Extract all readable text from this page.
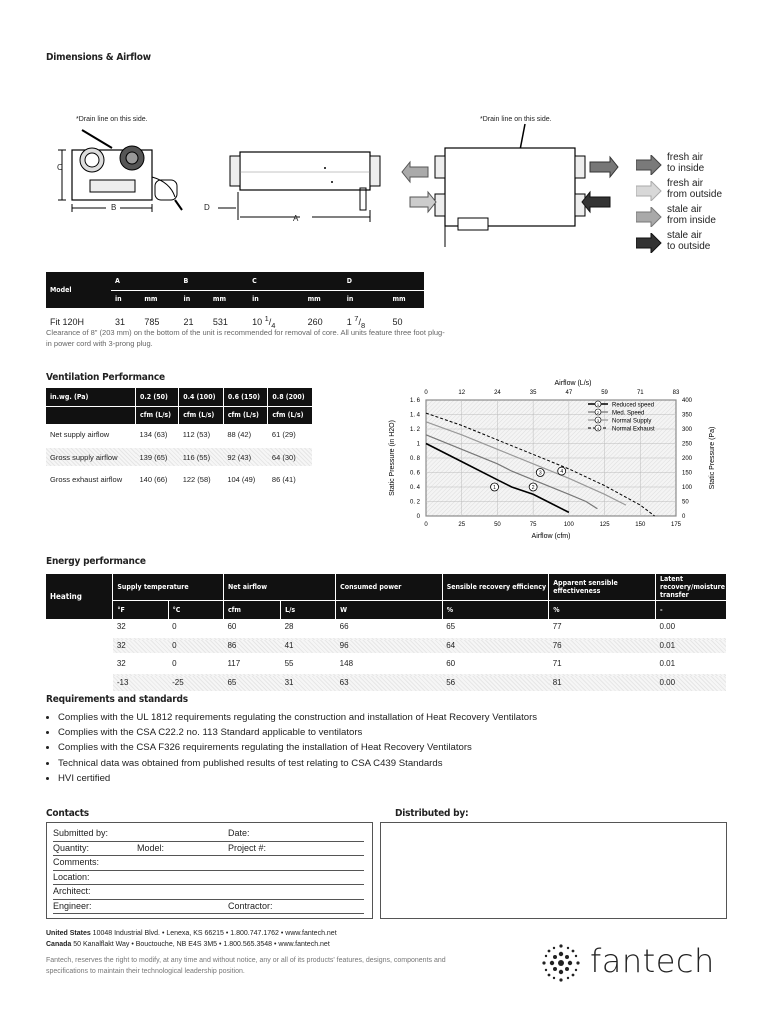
Dimensions & Airflow
*Drain line on this side.	*Drain line on this side.
C
B	D
A
fresh air
to inside
fresh air
from outside
stale air
from inside
stale air
to outside
Model	A		B		C		D	
	in	mm	in	mm	in	mm	in	mm
Fit 120H	31	785	21	531	10 $^1/_4$	260	1 $^7/_8$	50
Clearance of 8" (203 mm) on the bottom of the unit is recommended for removal of core. All units feature three foot plug-in power cord with 3-prong plug.
Ventilation Performance
in.wg. (Pa)	0.2 (50)	0.4 (100)	0.6 (150)	0.8 (200)
	cfm (L/s)	cfm (L/s)	cfm (L/s)	cfm (L/s)
Net supply airflow	134 (63)	112 (53)	88 (42)	61 (29)

Gross supply airflow	139 (65)	116 (55)	92 (43)	64 (30)

Gross exhaust airflow	140 (66)	122 (58)	104 (49)	86 (41)
0	0
0. 2	50
0. 4	100
0. 6	150
0. 8	200
1	250
1. 2	300
1. 4	350
1. 6	400
0
0
25
12
50
24
75
35
100
47
125
59
150
71
175
83
Airflow (cfm)
Airflow (L/s)
Static Pressure (in H2O)	Static Pressure (Pa)
1	2
3	4
1 Reduced speed
2 Med. Speed
3 Normal Supply
4 Normal Exhaust
Energy performance
Heating	Supply temperature		Net airflow		Consumed power	Sensible recovery efficiency	Apparent sensible effectiveness	Latent recovery/moisture transfer
	°F	°C	cfm	L/s	W	%	%	-
	32	0	60	28	66	65	77	0.00
	32	0	86	41	96	64	76	0.01
	32	0	117	55	148	60	71	0.01
	-13	-25	65	31	63	56	81	0.00
Requirements and standards
• Complies with the UL 1812 requirements regulating the construction and installation of Heat Recovery Ventilators
• Complies with the CSA C22.2 no. 113 Standard applicable to ventilators
• Complies with the CSA F326 requirements regulating the installation of Heat Recovery Ventilators
• Technical data was obtained from published results of test relating to CSA C439 Standards
• HVI certified
Contacts	Distributed by:
Submitted by:	Date:
Quantity:	Model:	Project #:
Comments:
Location:
Architect:
Engineer:	Contractor:
United States 10048 Industrial Blvd. • Lenexa, KS 66215 • 1.800.747.1762 • www.fantech.net
Canada 50 Kanalflakt Way • Bouctouche, NB E4S 3M5 • 1.800.565.3548 • www.fantech.net
Fantech, reserves the right to modify, at any time and without notice, any or all of its products' features, designs, components and specifications to maintain their technological leadership position.	fantech
